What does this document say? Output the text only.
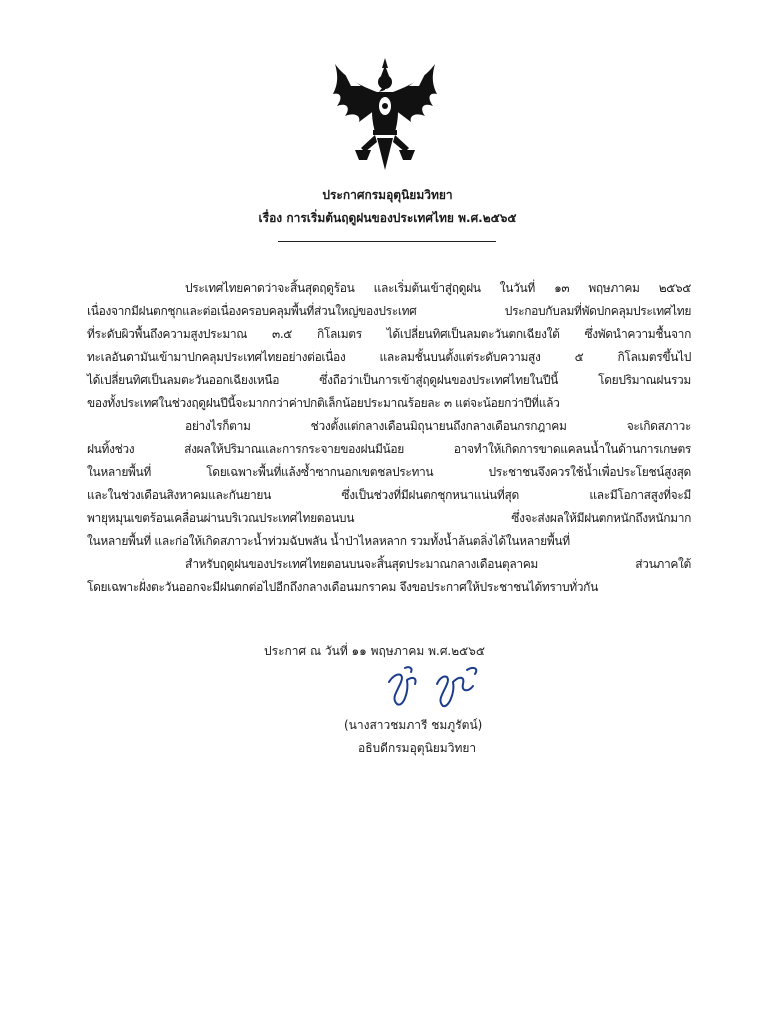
ประกาศกรมอุตุนิยมวิทยา
เรื่อง การเริ่มต้นฤดูฝนของประเทศไทย พ.ศ.๒๕๖๕
ประเทศไทยคาดว่าจะสิ้นสุดฤดูร้อน และเริ่มต้นเข้าสู่ฤดูฝน ในวันที่ ๑๓ พฤษภาคม ๒๕๖๕
เนื่องจากมีฝนตกชุกและต่อเนื่องครอบคลุมพื้นที่ส่วนใหญ่ของประเทศ ประกอบกับลมที่พัดปกคลุมประเทศไทย
ที่ระดับผิวพื้นถึงความสูงประมาณ ๓.๕ กิโลเมตร ได้เปลี่ยนทิศเป็นลมตะวันตกเฉียงใต้ ซึ่งพัดนำความชื้นจาก
ทะเลอันดามันเข้ามาปกคลุมประเทศไทยอย่างต่อเนื่อง และลมชั้นบนตั้งแต่ระดับความสูง ๕ กิโลเมตรขึ้นไป
ได้เปลี่ยนทิศเป็นลมตะวันออกเฉียงเหนือ ซึ่งถือว่าเป็นการเข้าสู่ฤดูฝนของประเทศไทยในปีนี้ โดยปริมาณฝนรวม
ของทั้งประเทศในช่วงฤดูฝนปีนี้จะมากกว่าค่าปกติเล็กน้อยประมาณร้อยละ ๓ แต่จะน้อยกว่าปีที่แล้ว
อย่างไรก็ตาม ช่วงตั้งแต่กลางเดือนมิถุนายนถึงกลางเดือนกรกฎาคม จะเกิดสภาวะ
ฝนทิ้งช่วง ส่งผลให้ปริมาณและการกระจายของฝนมีน้อย อาจทำให้เกิดการขาดแคลนน้ำในด้านการเกษตร
ในหลายพื้นที่ โดยเฉพาะพื้นที่แล้งซ้ำซากนอกเขตชลประทาน ประชาชนจึงควรใช้น้ำเพื่อประโยชน์สูงสุด
และในช่วงเดือนสิงหาคมและกันยายน ซึ่งเป็นช่วงที่มีฝนตกชุกหนาแน่นที่สุด และมีโอกาสสูงที่จะมี
พายุหมุนเขตร้อนเคลื่อนผ่านบริเวณประเทศไทยตอนบน ซึ่งจะส่งผลให้มีฝนตกหนักถึงหนักมาก
ในหลายพื้นที่ และก่อให้เกิดสภาวะน้ำท่วมฉับพลัน น้ำป่าไหลหลาก รวมทั้งน้ำล้นตลิ่งได้ในหลายพื้นที่
สำหรับฤดูฝนของประเทศไทยตอนบนจะสิ้นสุดประมาณกลางเดือนตุลาคม ส่วนภาคใต้
โดยเฉพาะฝั่งตะวันออกจะมีฝนตกต่อไปอีกถึงกลางเดือนมกราคม จึงขอประกาศให้ประชาชนได้ทราบทั่วกัน
ประกาศ ณ วันที่ ๑๑ พฤษภาคม พ.ศ.๒๕๖๕
(นางสาวชมภารี ชมภูรัตน์)
อธิบดีกรมอุตุนิยมวิทยา
